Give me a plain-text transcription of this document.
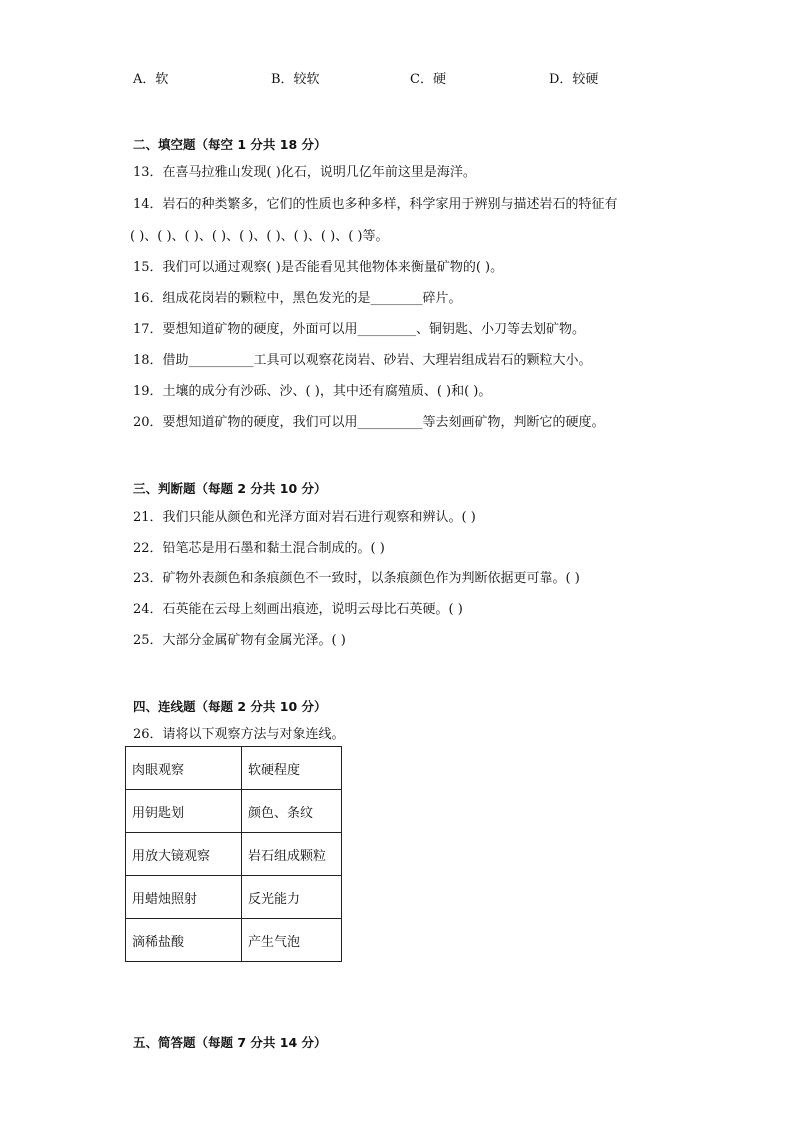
A．软	B．较软	C．硬	D．较硬
二、填空题（每空 1 分共 18 分）
13．在喜马拉雅山发现( )化石，说明几亿年前这里是海洋。
14．岩石的种类繁多，它们的性质也多种多样，科学家用于辨别与描述岩石的特征有
( )、( )、( )、( )、( )、( )、( )、( )、( )等。
15．我们可以通过观察( )是否能看见其他物体来衡量矿物的( )。
16．组成花岗岩的颗粒中，黑色发光的是________碎片。
17．要想知道矿物的硬度，外面可以用_________、铜钥匙、小刀等去划矿物。
18．借助__________工具可以观察花岗岩、砂岩、大理岩组成岩石的颗粒大小。
19．土壤的成分有沙砾、沙、( )，其中还有腐殖质、( )和( )。
20．要想知道矿物的硬度，我们可以用__________等去刻画矿物，判断它的硬度。
三、判断题（每题 2 分共 10 分）
21．我们只能从颜色和光泽方面对岩石进行观察和辨认。( )
22．铅笔芯是用石墨和黏土混合制成的。( )
23．矿物外表颜色和条痕颜色不一致时，以条痕颜色作为判断依据更可靠。( )
24．石英能在云母上刻画出痕迹，说明云母比石英硬。( )
25．大部分金属矿物有金属光泽。( )
四、连线题（每题 2 分共 10 分）
26．请将以下观察方法与对象连线。
肉眼观察	软硬程度
用钥匙划	颜色、条纹
用放大镜观察	岩石组成颗粒
用蜡烛照射	反光能力
滴稀盐酸	产生气泡
五、简答题（每题 7 分共 14 分）
